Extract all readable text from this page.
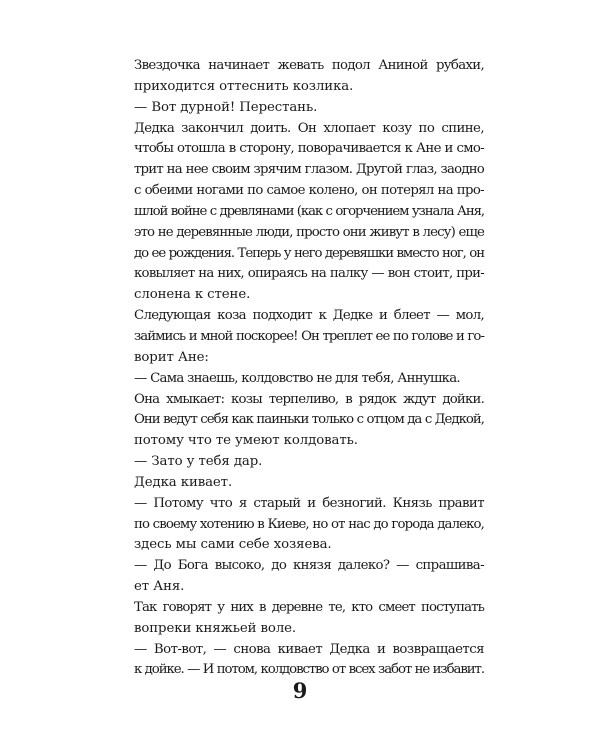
Звездочка начинает жевать подол Аниной рубахи,
приходится оттеснить козлика.

— Вот дурной! Перестань.

Дедка закончил доить. Он хлопает козу по спине,
чтобы отошла в сторону, поворачивается к Ане и смо-
трит на нее своим зрячим глазом. Другой глаз, заодно
с обеими ногами по самое колено, он потерял на про-
шлой войне с древлянами (как с огорчением узнала Аня,
это не деревянные люди, просто они живут в лесу) еще
до ее рождения. Теперь у него деревяшки вместо ног, он
ковыляет на них, опираясь на палку — вон стоит, при-
слонена к стене.

Следующая коза подходит к Дедке и блеет — мол,
займись и мной поскорее! Он треплет ее по голове и го-
ворит Ане:

— Сама знаешь, колдовство не для тебя, Аннушка.

Она хмыкает: козы терпеливо, в рядок ждут дойки.
Они ведут себя как паиньки только с отцом да с Дедкой,
потому что те умеют колдовать.

— Зато у тебя дар.

Дедка кивает.

— Потому что я старый и безногий. Князь правит
по своему хотению в Киеве, но от нас до города далеко,
здесь мы сами себе хозяева.

— До Бога высоко, до князя далеко? — спрашива-
ет Аня.

Так говорят у них в деревне те, кто смеет поступать
вопреки княжьей воле.

— Вот-вот, — снова кивает Дедка и возвращается
к дойке. — И потом, колдовство от всех забот не избавит.

9
